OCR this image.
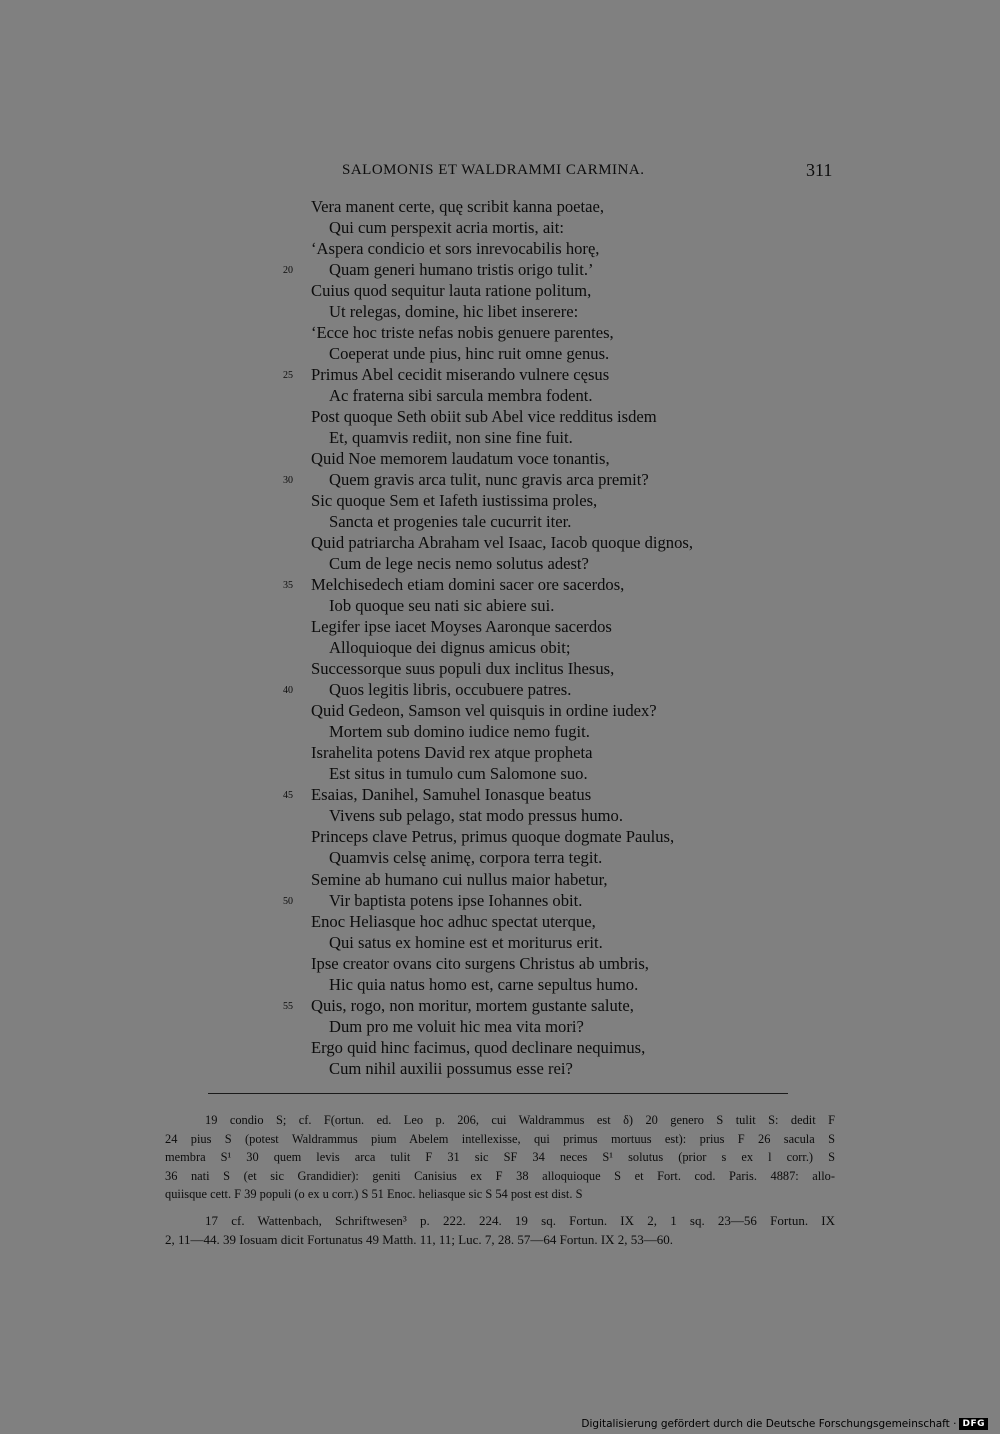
SALOMONIS ET WALDRAMMI CARMINA.	311
Vera manent certe, quę scribit kanna poetae,
Qui cum perspexit acria mortis, ait:
‘Aspera condicio et sors inrevocabilis horę,
20	Quam generi humano tristis origo tulit.’
Cuius quod sequitur lauta ratione politum,
Ut relegas, domine, hic libet inserere:
‘Ecce hoc triste nefas nobis genuere parentes,
Coeperat unde pius, hinc ruit omne genus.
25	Primus Abel cecidit miserando vulnere cęsus
Ac fraterna sibi sarcula membra fodent.
Post quoque Seth obiit sub Abel vice redditus isdem
Et, quamvis rediit, non sine fine fuit.
Quid Noe memorem laudatum voce tonantis,
30	Quem gravis arca tulit, nunc gravis arca premit?
Sic quoque Sem et Iafeth iustissima proles,
Sancta et progenies tale cucurrit iter.
Quid patriarcha Abraham vel Isaac, Iacob quoque dignos,
Cum de lege necis nemo solutus adest?
35	Melchisedech etiam domini sacer ore sacerdos,
Iob quoque seu nati sic abiere sui.
Legifer ipse iacet Moyses Aaronque sacerdos
Alloquioque dei dignus amicus obit;
Successorque suus populi dux inclitus Ihesus,
40	Quos legitis libris, occubuere patres.
Quid Gedeon, Samson vel quisquis in ordine iudex?
Mortem sub domino iudice nemo fugit.
Israhelita potens David rex atque propheta
Est situs in tumulo cum Salomone suo.
45	Esaias, Danihel, Samuhel Ionasque beatus
Vivens sub pelago, stat modo pressus humo.
Princeps clave Petrus, primus quoque dogmate Paulus,
Quamvis celsę animę, corpora terra tegit.
Semine ab humano cui nullus maior habetur,
50	Vir baptista potens ipse Iohannes obit.
Enoc Heliasque hoc adhuc spectat uterque,
Qui satus ex homine est et moriturus erit.
Ipse creator ovans cito surgens Christus ab umbris,
Hic quia natus homo est, carne sepultus humo.
55	Quis, rogo, non moritur, mortem gustante salute,
Dum pro me voluit hic mea vita mori?
Ergo quid hinc facimus, quod declinare nequimus,
Cum nihil auxilii possumus esse rei?
19 condio S; cf. F(ortun. ed. Leo p. 206, cui Waldrammus est δ) 20 genero S tulit S: dedit F
24 pius S (potest Waldrammus pium Abelem intellexisse, qui primus mortuus est): prius F 26 sacula S
membra S¹ 30 quem levis arca tulit F 31 sic SF 34 neces S¹ solutus (prior s ex l corr.) S
36 nati S (et sic Grandidier): geniti Canisius ex F 38 alloquioque S et Fort. cod. Paris. 4887: allo-
quiisque cett. F 39 populi (o ex u corr.) S 51 Enoc. heliasque sic S 54 post est dist. S
17 cf. Wattenbach, Schriftwesen³ p. 222. 224. 19 sq. Fortun. IX 2, 1 sq. 23—56 Fortun. IX
2, 11—44. 39 Iosuam dicit Fortunatus 49 Matth. 11, 11; Luc. 7, 28. 57—64 Fortun. IX 2, 53—60.
Digitalisierung gefördert durch die Deutsche Forschungsgemeinschaft · DFG
